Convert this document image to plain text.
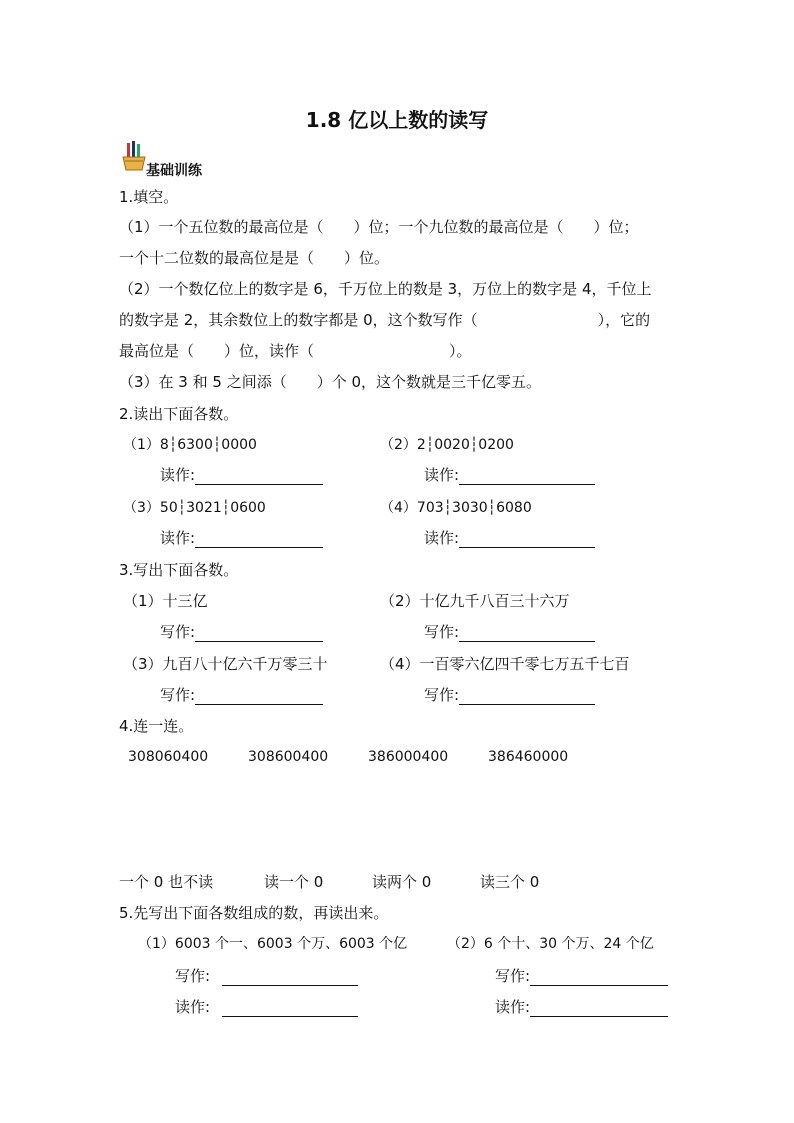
1.8 亿以上数的读写
基础训练
1.填空。
（1）一个五位数的最高位是（　　）位；一个九位数的最高位是（　　）位；
一个十二位数的最高位是是（　　）位。
（2）一个数亿位上的数字是 6，千万位上的数是 3，万位上的数字是 4，千位上
的数字是 2，其余数位上的数字都是 0，这个数写作（　　　　　　　　），它的
最高位是（　　）位，读作（　　　　　　　　　）。
（3）在 3 和 5 之间添（　　）个 0，这个数就是三千亿零五。
2.读出下面各数。
（1）8┆6300┆0000	（2）2┆0020┆0200
读作:	读作:
（3）50┆3021┆0600	（4）703┆3030┆6080
读作:	读作:
3.写出下面各数。
（1）十三亿	（2）十亿九千八百三十六万
写作:	写作:
（3）九百八十亿六千万零三十	（4）一百零六亿四千零七万五千七百
写作:	写作:
4.连一连。
308060400	308600400	386000400	386460000
一个 0 也不读	读一个 0	读两个 0	读三个 0
5.先写出下面各数组成的数，再读出来。
（1）6003 个一、6003 个万、6003 个亿	（2）6 个十、30 个万、24 个亿
写作:	写作:
读作:	读作:
